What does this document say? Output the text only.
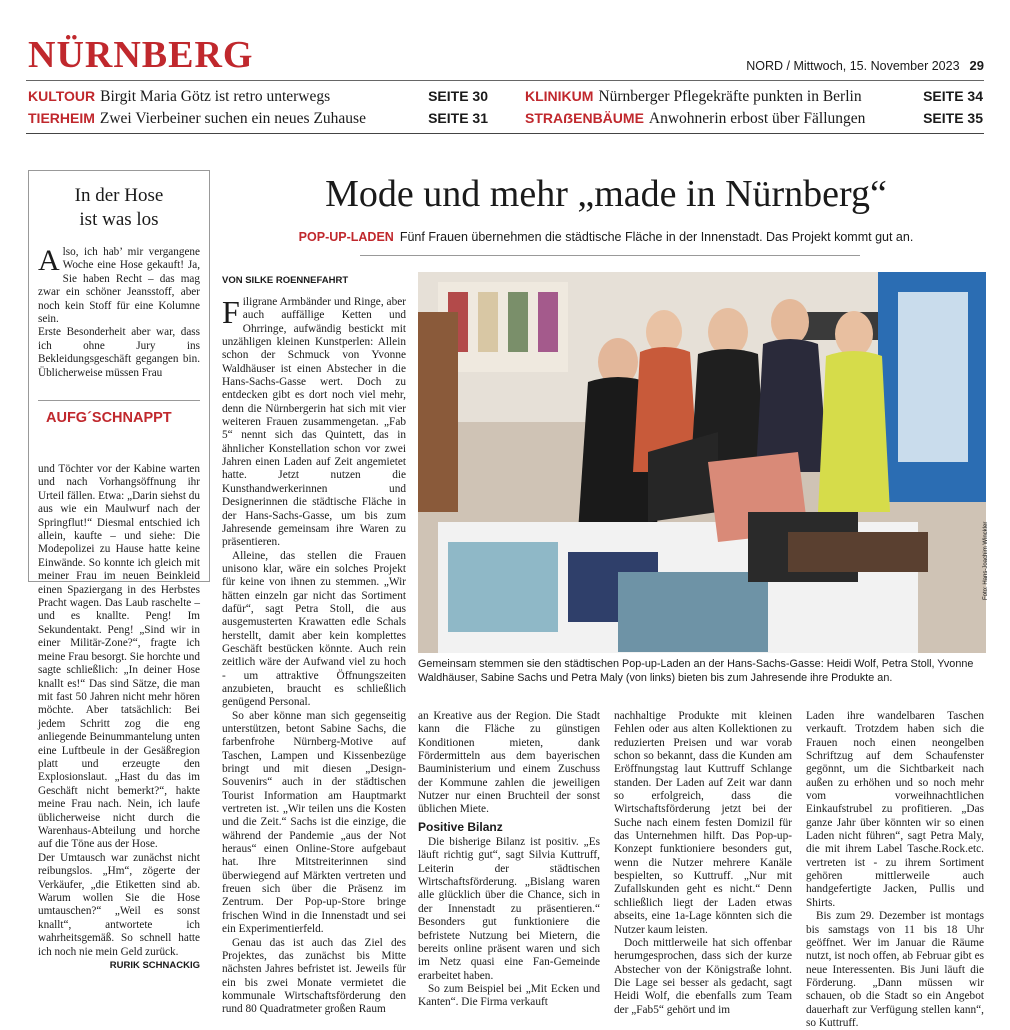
NÜRNBERG	NORD / Mittwoch, 15. November 2023 29
KULTOUR Birgit Maria Götz ist retro unterwegs	SEITE 30	KLINIKUM Nürnberger Pflegekräfte punkten in Berlin	SEITE 34
TIERHEIM Zwei Vierbeiner suchen ein neues Zuhause	SEITE 31	STRAẞENBÄUME Anwohnerin erbost über Fällungen	SEITE 35
In der Hose
ist was los

Also, ich hab’ mir vergangene Woche eine Hose gekauft! Ja, Sie haben Recht – das mag zwar ein schöner Jeansstoff, aber noch kein Stoff für eine Kolumne sein.

Erste Besonderheit aber war, dass ich ohne Jury ins Bekleidungsgeschäft gegangen bin. Üblicherweise müssen Frau

AUFG´SCHNAPPT

und Töchter vor der Kabine warten und nach Vorhangsöffnung ihr Urteil fällen. Etwa: „Darin siehst du aus wie ein Maulwurf nach der Springflut!“ Diesmal entschied ich allein, kaufte – und siehe: Die Modepolizei zu Hause hatte keine Einwände. So konnte ich gleich mit meiner Frau im neuen Beinkleid einen Spaziergang in des Herbstes Pracht wagen. Das Laub raschelte – und es knallte. Peng! Im Sekundentakt. Peng! „Sind wir in einer Militär-Zone?“, fragte ich meine Frau besorgt. Sie horchte und sagte schließlich: „In deiner Hose knallt es!“ Das sind Sätze, die man mit fast 50 Jahren nicht mehr hören möchte. Aber tatsächlich: Bei jedem Schritt zog die eng anliegende Beinummantelung unten eine Luftbeule in der Gesäßregion platt und erzeugte den Explosionslaut. „Hast du das im Geschäft nicht bemerkt?“, hakte meine Frau nach. Nein, ich laufe üblicherweise nicht durch die Warenhaus-Abteilung und horche auf die Töne aus der Hose.

Der Umtausch war zunächst nicht reibungslos. „Hm“, zögerte der Verkäufer, „die Etiketten sind ab. Warum wollen Sie die Hose umtauschen?“ „Weil es sonst knallt“, antwortete ich wahrheitsgemäß. So schnell hatte ich noch nie mein Geld zurück.
RURIK SCHNACKIG

Mode und mehr „made in Nürnberg“
POP-UP-LADEN Fünf Frauen übernehmen die städtische Fläche in der Innenstadt. Das Projekt kommt gut an.
VON SILKE ROENNEFAHRT

Filigrane Armbänder und Ringe, aber auch auffällige Ketten und Ohrringe, aufwändig bestickt mit unzähligen kleinen Kunstperlen: Allein schon der Schmuck von Yvonne Waldhäuser ist einen Abstecher in die Hans-Sachs-Gasse wert. Doch zu entdecken gibt es dort noch viel mehr, denn die Nürnbergerin hat sich mit vier weiteren Frauen zusammengetan. „Fab 5“ nennt sich das Quintett, das in ähnlicher Konstellation schon vor zwei Jahren einen Laden auf Zeit angemietet hatte. Jetzt nutzen die Kunsthandwerkerinnen und Designerinnen die städtische Fläche in der Hans-Sachs-Gasse, um bis zum Jahresende gemeinsam ihre Waren zu präsentieren.

Alleine, das stellen die Frauen unisono klar, wäre ein solches Projekt für keine von ihnen zu stemmen. „Wir hätten einzeln gar nicht das Sortiment dafür“, sagt Petra Stoll, die aus ausgemusterten Krawatten edle Schals herstellt, damit aber kein komplettes Geschäft bestücken könnte. Auch rein zeitlich wäre der Aufwand viel zu hoch - um attraktive Öffnungszeiten anzubieten, braucht es schließlich genügend Personal.

So aber könne man sich gegenseitig unterstützen, betont Sabine Sachs, die farbenfrohe Nürnberg-Motive auf Taschen, Lampen und Kissenbezüge bringt und mit diesen „Design-Souvenirs“ auch in der städtischen Tourist Information am Hauptmarkt vertreten ist. „Wir teilen uns die Kosten und die Zeit.“ Sachs ist die einzige, die während der Pandemie „aus der Not heraus“ einen Online-Store aufgebaut hat. Ihre Mitstreiterinnen sind überwiegend auf Märkten vertreten und freuen sich über die Präsenz im Zentrum. Der Pop-up-Store bringe frischen Wind in die Innenstadt und sei ein Experimentierfeld.

Genau das ist auch das Ziel des Projektes, das zunächst bis Mitte nächsten Jahres befristet ist. Jeweils für ein bis zwei Monate vermietet die kommunale Wirtschaftsförderung den rund 80 Quadratmeter großen Raum

Foto: Hans-Joachim Winckler
Gemeinsam stemmen sie den städtischen Pop-up-Laden an der Hans-Sachs-Gasse: Heidi Wolf, Petra Stoll, Yvonne Waldhäuser, Sabine Sachs und Petra Maly (von links) bieten bis zum Jahresende ihre Produkte an.

an Kreative aus der Region. Die Stadt kann die Fläche zu günstigen Konditionen mieten, dank Fördermitteln aus dem bayerischen Bauministerium und einem Zuschuss der Kommune zahlen die jeweiligen Nutzer nur einen Bruchteil der sonst üblichen Miete.

Positive Bilanz

Die bisherige Bilanz ist positiv. „Es läuft richtig gut“, sagt Silvia Kuttruff, Leiterin der städtischen Wirtschaftsförderung. „Bislang waren alle glücklich über die Chance, sich in der Innenstadt zu präsentieren.“ Besonders gut funktioniere die befristete Nutzung bei Mietern, die bereits online präsent waren und sich im Netz quasi eine Fan-Gemeinde erarbeitet haben.

So zum Beispiel bei „Mit Ecken und Kanten“. Die Firma verkauft

nachhaltige Produkte mit kleinen Fehlen oder aus alten Kollektionen zu reduzierten Preisen und war vorab schon so bekannt, dass die Kunden am Eröffnungstag laut Kuttruff Schlange standen. Der Laden auf Zeit war dann so erfolgreich, dass die Wirtschaftsförderung jetzt bei der Suche nach einem festen Domizil für das Unternehmen hilft. Das Pop-up-Konzept funktioniere besonders gut, wenn die Nutzer mehrere Kanäle bespielten, so Kuttruff. „Nur mit Zufallskunden geht es nicht.“ Denn schließlich liegt der Laden etwas abseits, eine 1a-Lage könnten sich die Nutzer kaum leisten.

Doch mittlerweile hat sich offenbar herumgesprochen, dass sich der kurze Abstecher von der Königstraße lohnt. Die Lage sei besser als gedacht, sagt Heidi Wolf, die ebenfalls zum Team der „Fab5“ gehört und im

Laden ihre wandelbaren Taschen verkauft. Trotzdem haben sich die Frauen noch einen neongelben Schriftzug auf dem Schaufenster gegönnt, um die Sichtbarkeit nach außen zu erhöhen und so noch mehr vom vorweihnachtlichen Einkaufstrubel zu profitieren. „Das ganze Jahr über könnten wir so einen Laden nicht führen“, sagt Petra Maly, die mit ihrem Label Tasche.Rock.etc. vertreten ist - zu ihrem Sortiment gehören mittlerweile auch handgefertigte Jacken, Pullis und Shirts.

Bis zum 29. Dezember ist montags bis samstags von 11 bis 18 Uhr geöffnet. Wer im Januar die Räume nutzt, ist noch offen, ab Februar gibt es neue Interessenten. Bis Juni läuft die Förderung. „Dann müssen wir schauen, ob die Stadt so ein Angebot dauerhaft zur Verfügung stellen kann“, so Kuttruff.
